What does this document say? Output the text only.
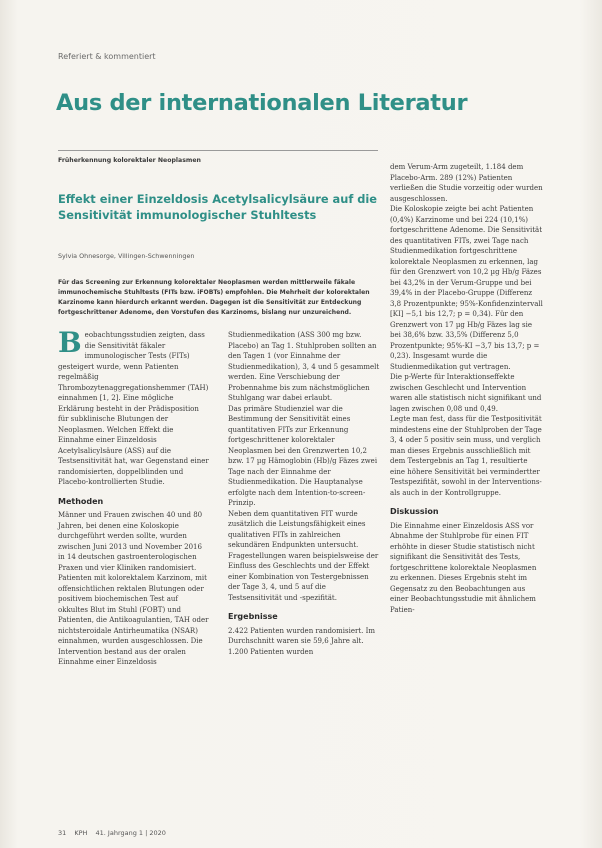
Referiert & kommentiert
Aus der internationalen Literatur
Früherkennung kolorektaler Neoplasmen
Effekt einer Einzeldosis Acetylsalicylsäure auf die Sensitivität immunologischer Stuhltests
Sylvia Ohnesorge, Villingen-Schwenningen
Für das Screening zur Erkennung kolorektaler Neoplasmen werden mittlerweile fäkale immunochemische Stuhltests (FITs bzw. iFOBTs) empfohlen. Die Mehrheit der kolorektalen Karzinome kann hierdurch erkannt werden. Dagegen ist die Sensitivität zur Entdeckung fortgeschrittener Adenome, den Vorstufen des Karzinoms, bislang nur unzureichend.

Beobachtungsstudien zeigten, dass die Sensitivität fäkaler immunologischer Tests (FITs) gesteigert wurde, wenn Patienten regelmäßig Thrombozytenaggregationshemmer (TAH) einnahmen [1, 2]. Eine mögliche Erklärung besteht in der Prädisposition für subklinische Blutungen der Neoplasmen. Welchen Effekt die Einnahme einer Einzeldosis Acetylsalicylsäure (ASS) auf die Testsensitivität hat, war Gegenstand einer randomisierten, doppelblinden und Placebo-kontrollierten Studie.

Methoden

Männer und Frauen zwischen 40 und 80 Jahren, bei denen eine Koloskopie durchgeführt werden sollte, wurden zwischen Juni 2013 und November 2016 in 14 deutschen gastroenterologischen Praxen und vier Kliniken randomisiert. Patienten mit kolorektalem Karzinom, mit offensichtlichen rektalen Blutungen oder positivem biochemischen Test auf okkultes Blut im Stuhl (FOBT) und Patienten, die Antikoagulantien, TAH oder nichtsteroidale Antirheumatika (NSAR) einnahmen, wurden ausgeschlossen. Die Intervention bestand aus der oralen Einnahme einer Einzeldosis

Studienmedikation (ASS 300 mg bzw. Placebo) an Tag 1. Stuhlproben sollten an den Tagen 1 (vor Einnahme der Studienmedikation), 3, 4 und 5 gesammelt werden. Eine Verschiebung der Probennahme bis zum nächstmöglichen Stuhlgang war dabei erlaubt.

Das primäre Studienziel war die Bestimmung der Sensitivität eines quantitativen FITs zur Erkennung fortgeschrittener kolorektaler Neoplasmen bei den Grenzwerten 10,2 bzw. 17 µg Hämoglobin (Hb)/g Fäzes zwei Tage nach der Einnahme der Studienmedikation. Die Hauptanalyse erfolgte nach dem Intention-to-screen-Prinzip.

Neben dem quantitativen FIT wurde zusätzlich die Leistungsfähigkeit eines qualitativen FITs in zahlreichen sekundären Endpunkten untersucht. Fragestellungen waren beispielsweise der Einfluss des Geschlechts und der Effekt einer Kombination von Testergebnissen der Tage 3, 4, und 5 auf die Testsensitivität und -spezifität.

Ergebnisse

2.422 Patienten wurden randomisiert. Im Durchschnitt waren sie 59,6 Jahre alt. 1.200 Patienten wurden

dem Verum-Arm zugeteilt, 1.184 dem Placebo-Arm. 289 (12%) Patienten verließen die Studie vorzeitig oder wurden ausgeschlossen.

Die Koloskopie zeigte bei acht Patienten (0,4%) Karzinome und bei 224 (10,1%) fortgeschrittene Adenome. Die Sensitivität des quantitativen FITs, zwei Tage nach Studienmedikation fortgeschrittene kolorektale Neoplasmen zu erkennen, lag für den Grenzwert von 10,2 µg Hb/g Fäzes bei 43,2% in der Verum-Gruppe und bei 39,4% in der Placebo-Gruppe (Differenz 3,8 Prozentpunkte; 95%-Konfidenzintervall [KI] −5,1 bis 12,7; p = 0,34). Für den Grenzwert von 17 µg Hb/g Fäzes lag sie bei 38,6% bzw. 33,5% (Differenz 5,0 Prozentpunkte; 95%-KI −3,7 bis 13,7; p = 0,23). Insgesamt wurde die Studienmedikation gut vertragen.

Die p-Werte für Interaktionseffekte zwischen Geschlecht und Intervention waren alle statistisch nicht signifikant und lagen zwischen 0,08 und 0,49.

Legte man fest, dass für die Testpositivität mindestens eine der Stuhlproben der Tage 3, 4 oder 5 positiv sein muss, und verglich man dieses Ergebnis ausschließlich mit dem Testergebnis an Tag 1, resultierte eine höhere Sensitivität bei vermindertter Testspezifität, sowohl in der Interventions- als auch in der Kontrollgruppe.

Diskussion

Die Einnahme einer Einzeldosis ASS vor Abnahme der Stuhlprobe für einen FIT erhöhte in dieser Studie statistisch nicht signifikant die Sensitivität des Tests, fortgeschrittene kolorektale Neoplasmen zu erkennen. Dieses Ergebnis steht im Gegensatz zu den Beobachtungen aus einer Beobachtungsstudie mit ähnlichem Patien-

31 KPH 41. Jahrgang 1 | 2020
